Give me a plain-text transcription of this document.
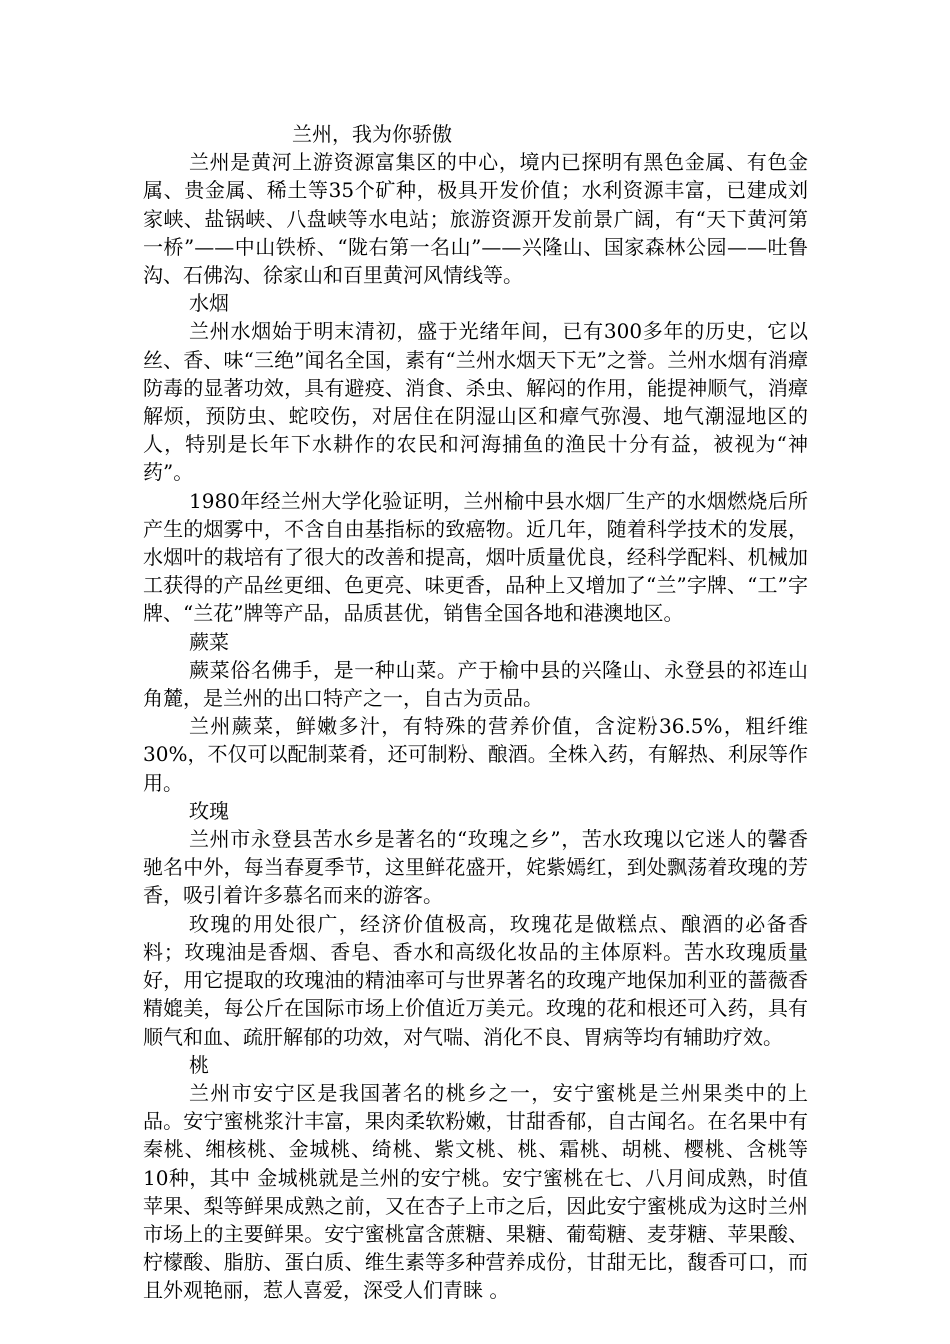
兰州，我为你骄傲

兰州是黄河上游资源富集区的中心，境内已探明有黑色金属、有色金属、贵金属、稀土等35个矿种，极具开发价值；水利资源丰富，已建成刘家峡、盐锅峡、八盘峡等水电站；旅游资源开发前景广阔，有“天下黄河第一桥”——中山铁桥、“陇右第一名山”——兴隆山、国家森林公园——吐鲁沟、石佛沟、徐家山和百里黄河风情线等。

水烟

兰州水烟始于明末清初，盛于光绪年间，已有300多年的历史，它以丝、香、味“三绝”闻名全国，素有“兰州水烟天下无”之誉。兰州水烟有消瘴防毒的显著功效，具有避疫、消食、杀虫、解闷的作用，能提神顺气，消瘴解烦，预防虫、蛇咬伤，对居住在阴湿山区和瘴气弥漫、地气潮湿地区的人，特别是长年下水耕作的农民和河海捕鱼的渔民十分有益，被视为“神药”。

1980年经兰州大学化验证明，兰州榆中县水烟厂生产的水烟燃烧后所产生的烟雾中，不含自由基指标的致癌物。近几年，随着科学技术的发展，水烟叶的栽培有了很大的改善和提高，烟叶质量优良，经科学配料、机械加工获得的产品丝更细、色更亮、味更香，品种上又增加了“兰”字牌、“工”字牌、“兰花”牌等产品，品质甚优，销售全国各地和港澳地区。

蕨菜

蕨菜俗名佛手，是一种山菜。产于榆中县的兴隆山、永登县的祁连山角麓，是兰州的出口特产之一，自古为贡品。

兰州蕨菜，鲜嫩多汁，有特殊的营养价值，含淀粉36.5%，粗纤维30%，不仅可以配制菜肴，还可制粉、酿酒。全株入药，有解热、利尿等作用。

玫瑰

兰州市永登县苦水乡是著名的“玫瑰之乡”，苦水玫瑰以它迷人的馨香驰名中外，每当春夏季节，这里鲜花盛开，姹紫嫣红，到处飘荡着玫瑰的芳香，吸引着许多慕名而来的游客。

玫瑰的用处很广，经济价值极高，玫瑰花是做糕点、酿酒的必备香料；玫瑰油是香烟、香皂、香水和高级化妆品的主体原料。苦水玫瑰质量好，用它提取的玫瑰油的精油率可与世界著名的玫瑰产地保加利亚的蔷薇香精媲美，每公斤在国际市场上价值近万美元。玫瑰的花和根还可入药，具有顺气和血、疏肝解郁的功效，对气喘、消化不良、胃病等均有辅助疗效。

桃

兰州市安宁区是我国著名的桃乡之一，安宁蜜桃是兰州果类中的上品。安宁蜜桃浆汁丰富，果肉柔软粉嫩，甘甜香郁，自古闻名。在名果中有秦桃、缃核桃、金城桃、绮桃、紫文桃、桃、霜桃、胡桃、樱桃、含桃等10种，其中 金城桃就是兰州的安宁桃。安宁蜜桃在七、八月间成熟，时值苹果、梨等鲜果成熟之前，又在杏子上市之后，因此安宁蜜桃成为这时兰州市场上的主要鲜果。安宁蜜桃富含蔗糖、果糖、葡萄糖、麦芽糖、苹果酸、柠檬酸、脂肪、蛋白质、维生素等多种营养成份，甘甜无比，馥香可口，而且外观艳丽，惹人喜爱，深受人们青睐 。
